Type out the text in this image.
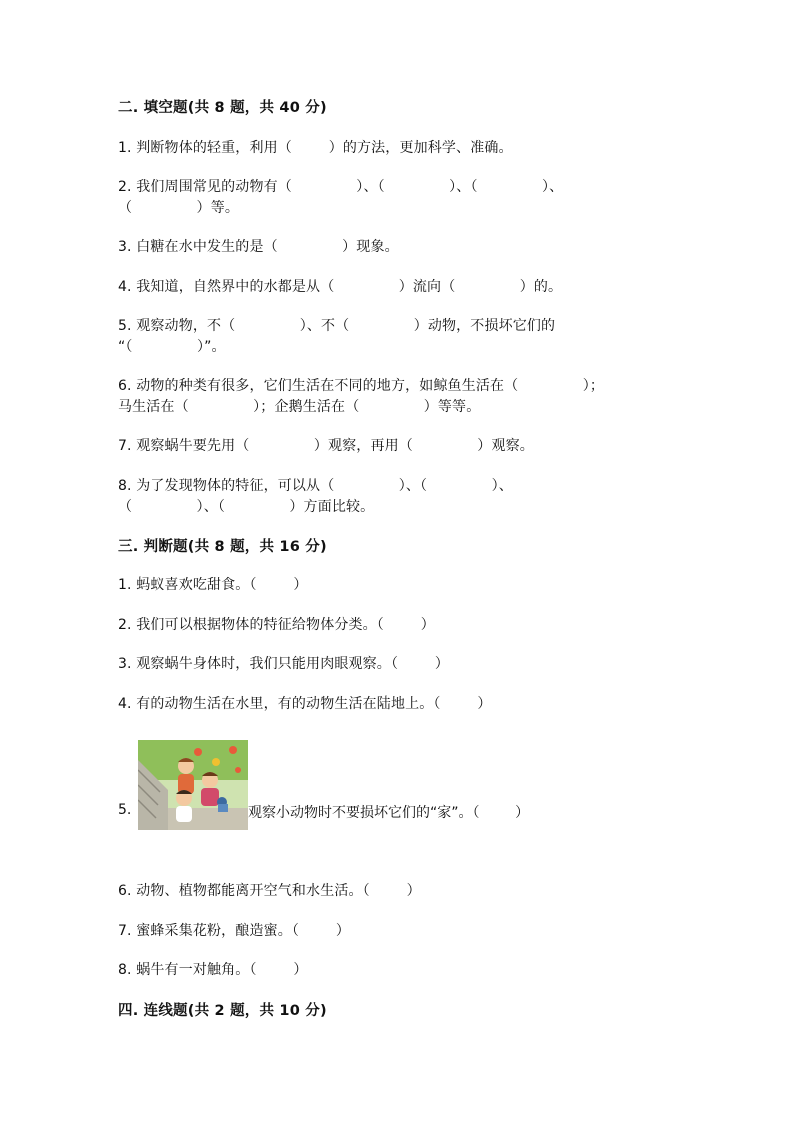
二. 填空题(共 8 题，共 40 分)
1. 判断物体的轻重，利用（        ）的方法，更加科学、准确。
2. 我们周围常见的动物有（              ）、（              ）、（              ）、
（              ）等。
3. 白糖在水中发生的是（              ）现象。
4. 我知道，自然界中的水都是从（              ）流向（              ）的。
5. 观察动物，不（              ）、不（              ）动物，不损坏它们的
“（              ）”。
6. 动物的种类有很多，它们生活在不同的地方，如鲸鱼生活在（              ）；
马生活在（              ）；企鹅生活在（              ）等等。
7. 观察蜗牛要先用（              ）观察，再用（              ）观察。
8. 为了发现物体的特征，可以从（              ）、（              ）、
（              ）、（              ）方面比较。
三. 判断题(共 8 题，共 16 分)
1. 蚂蚁喜欢吃甜食。（        ）
2. 我们可以根据物体的特征给物体分类。（        ）
3. 观察蜗牛身体时，我们只能用肉眼观察。（        ）
4. 有的动物生活在水里，有的动物生活在陆地上。（        ）
5.	观察小动物时不要损坏它们的“家”。（        ）
6. 动物、植物都能离开空气和水生活。（        ）
7. 蜜蜂采集花粉，酿造蜜。（        ）
8. 蜗牛有一对触角。（        ）
四. 连线题(共 2 题，共 10 分)
